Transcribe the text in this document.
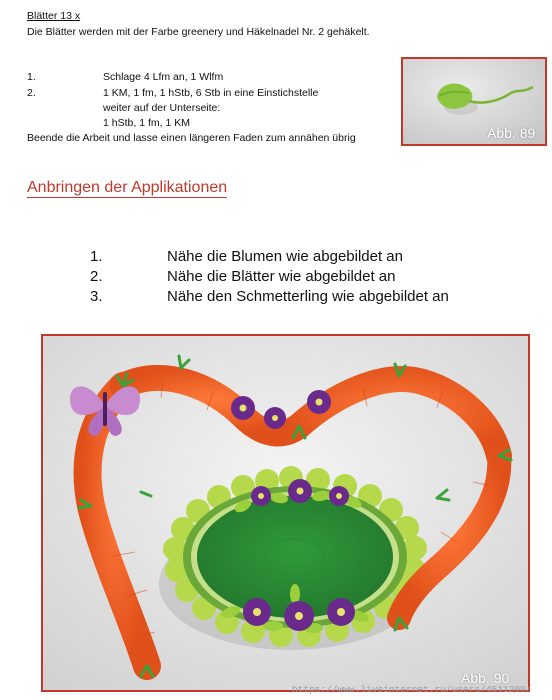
Blätter 13 x
Die Blätter werden mit der Farbe greenery und Häkelnadel Nr. 2 gehäkelt.
1.	Schlage 4 Lfm an, 1 Wlfm
2.	1 KM, 1 fm, 1 hStb, 6 Stb in eine Einstichstelle
weiter auf der Unterseite:
1 hStb, 1 fm, 1 KM
Beende die Arbeit und lasse einen längeren Faden zum annähen übrig	Abb. 89
Anbringen der Applikationen
1.	Nähe die Blumen wie abgebildet an
2.	Nähe die Blätter wie abgebildet an
3.	Nähe den Schmetterling wie abgebildet an
Abb. 90
https://www.liveinternet.ru/users/4511209/
